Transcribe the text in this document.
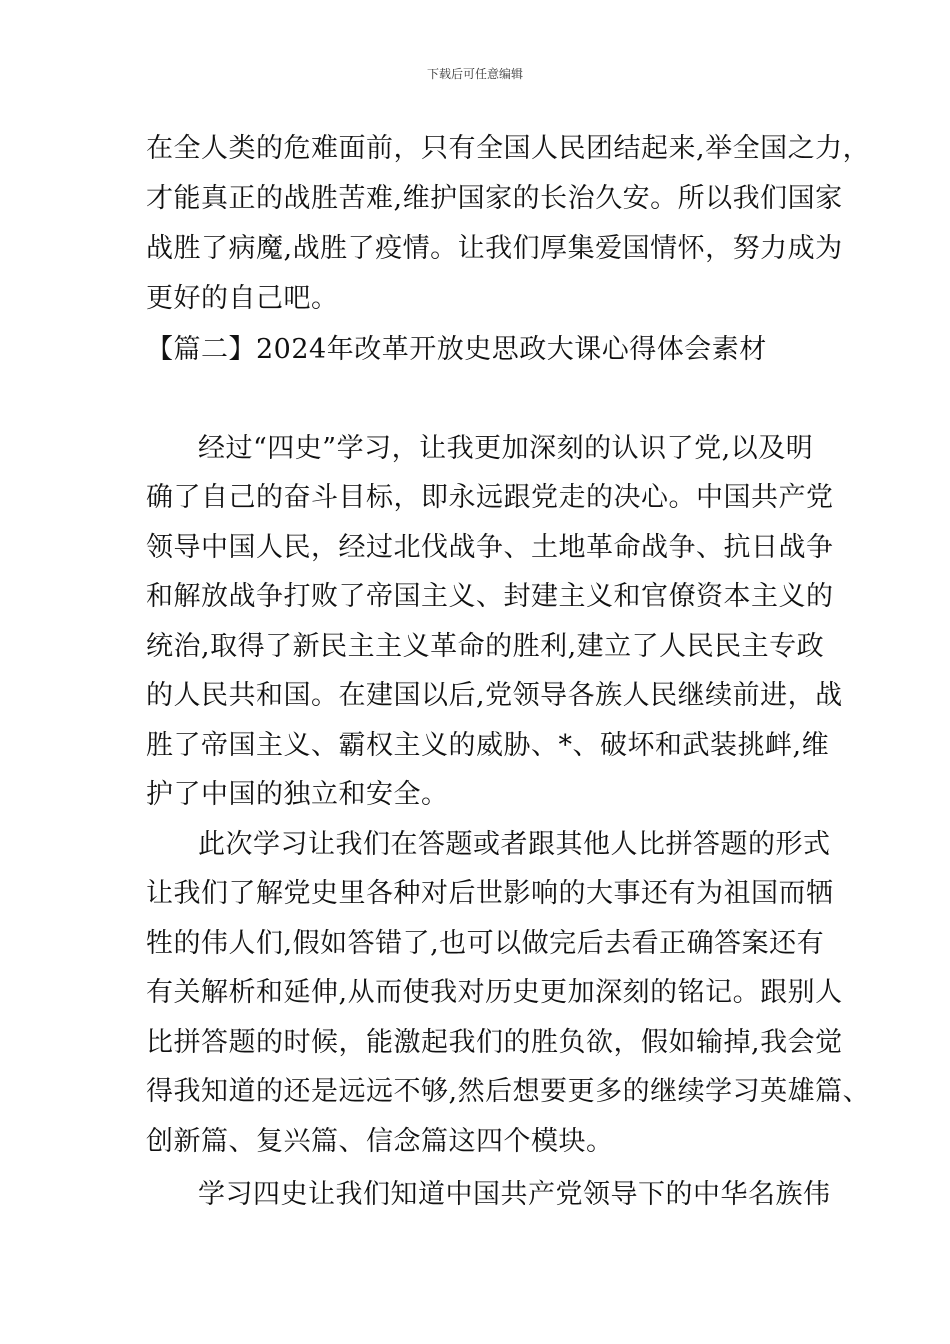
下载后可任意编辑
在全人类的危难面前，只有全国人民团结起来,举全国之力，
才能真正的战胜苦难,维护国家的长治久安。所以我们国家
战胜了病魔,战胜了疫情。让我们厚集爱国情怀，努力成为
更好的自己吧。
【篇二】2024年改革开放史思政大课心得体会素材
经过“四史”学习，让我更加深刻的认识了党,以及明
确了自己的奋斗目标，即永远跟党走的决心。中国共产党
领导中国人民，经过北伐战争、土地革命战争、抗日战争
和解放战争打败了帝国主义、封建主义和官僚资本主义的
统治,取得了新民主主义革命的胜利,建立了人民民主专政
的人民共和国。在建国以后,党领导各族人民继续前进，战
胜了帝国主义、霸权主义的威胁、*、破坏和武装挑衅,维
护了中国的独立和安全。
此次学习让我们在答题或者跟其他人比拼答题的形式
让我们了解党史里各种对后世影响的大事还有为祖国而牺
牲的伟人们,假如答错了,也可以做完后去看正确答案还有
有关解析和延伸,从而使我对历史更加深刻的铭记。跟别人
比拼答题的时候，能激起我们的胜负欲，假如输掉,我会觉
得我知道的还是远远不够,然后想要更多的继续学习英雄篇、
创新篇、复兴篇、信念篇这四个模块。
学习四史让我们知道中国共产党领导下的中华名族伟
